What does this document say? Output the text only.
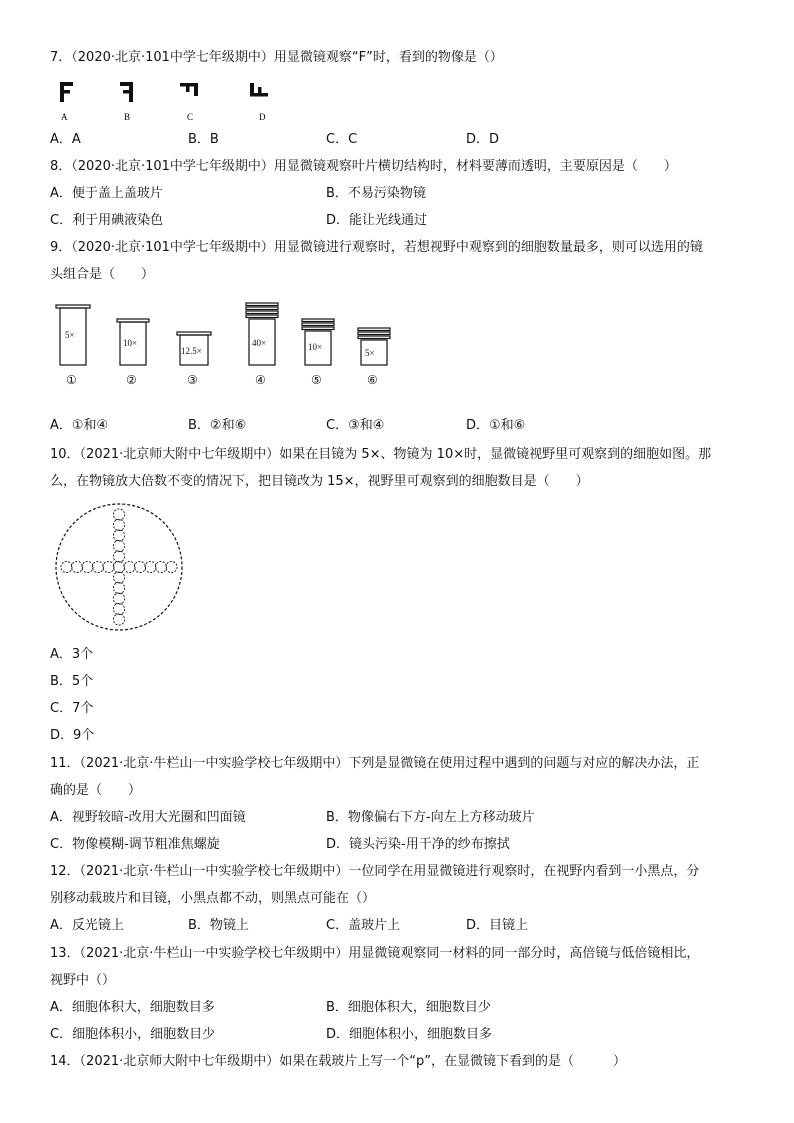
7．（2020·北京·101中学七年级期中）用显微镜观察“F”时，看到的物像是（）
A	B	C	D
A．A	B．B	C．C	D．D
8．（2020·北京·101中学七年级期中）用显微镜观察叶片横切结构时，材料要薄而透明，主要原因是（　　）
A．便于盖上盖玻片	B．不易污染物镜
C．利于用碘液染色	D．能让光线通过
9．（2020·北京·101中学七年级期中）用显微镜进行观察时，若想视野中观察到的细胞数量最多，则可以选用的镜
头组合是（　　）
5×
10×
12.5×
40×	10×
5×
①	②	③	④	⑤	⑥
A．①和④	B．②和⑥	C．③和④	D．①和⑥
10．（2021·北京师大附中七年级期中）如果在目镜为 5×、物镜为 10×时，显微镜视野里可观察到的细胞如图。那
么，在物镜放大倍数不变的情况下，把目镜改为 15×，视野里可观察到的细胞数目是（　　）
A．3个
B．5个
C．7个
D．9个
11．（2021·北京·牛栏山一中实验学校七年级期中）下列是显微镜在使用过程中遇到的问题与对应的解决办法，正
确的是（　　）
A．视野较暗-改用大光圈和凹面镜	B．物像偏右下方-向左上方移动玻片
C．物像模糊-调节粗准焦螺旋	D．镜头污染-用干净的纱布擦拭
12．（2021·北京·牛栏山一中实验学校七年级期中）一位同学在用显微镜进行观察时，在视野内看到一小黑点，分
别移动载玻片和目镜，小黑点都不动，则黑点可能在（）
A．反光镜上	B．物镜上	C．盖玻片上	D．目镜上
13．（2021·北京·牛栏山一中实验学校七年级期中）用显微镜观察同一材料的同一部分时，高倍镜与低倍镜相比，
视野中（）
A．细胞体积大，细胞数目多	B．细胞体积大，细胞数目少
C．细胞体积小，细胞数目少	D．细胞体积小，细胞数目多
14．（2021·北京师大附中七年级期中）如果在载玻片上写一个“p”，在显微镜下看到的是（　　　）
